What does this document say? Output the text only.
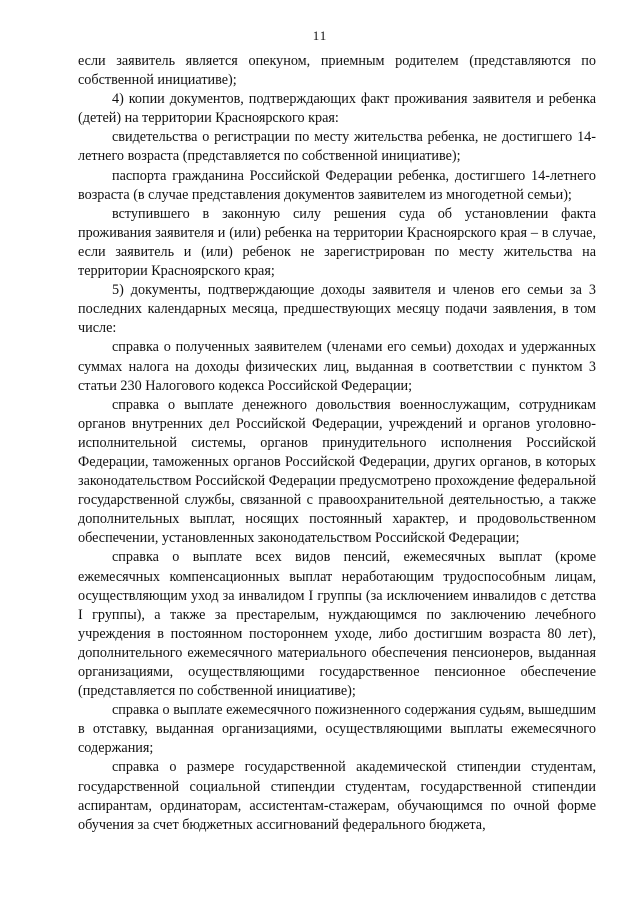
11

если заявитель является опекуном, приемным родителем (представляются по собственной инициативе);

4) копии документов, подтверждающих факт проживания заявителя и ребенка (детей) на территории Красноярского края:

свидетельства о регистрации по месту жительства ребенка, не достигшего 14-летнего возраста (представляется по собственной инициативе);

паспорта гражданина Российской Федерации ребенка, достигшего 14-летнего возраста (в случае представления документов заявителем из многодетной семьи);

вступившего в законную силу решения суда об установлении факта проживания заявителя и (или) ребенка на территории Красноярского края – в случае, если заявитель и (или) ребенок не зарегистрирован по месту жительства на территории Красноярского края;

5) документы, подтверждающие доходы заявителя и членов его семьи за 3 последних календарных месяца, предшествующих месяцу подачи заявления, в том числе:

справка о полученных заявителем (членами его семьи) доходах и удержанных суммах налога на доходы физических лиц, выданная в соответствии с пунктом 3 статьи 230 Налогового кодекса Российской Федерации;

справка о выплате денежного довольствия военнослужащим, сотрудникам органов внутренних дел Российской Федерации, учреждений и органов уголовно-исполнительной системы, органов принудительного исполнения Российской Федерации, таможенных органов Российской Федерации, других органов, в которых законодательством Российской Федерации предусмотрено прохождение федеральной государственной службы, связанной с правоохранительной деятельностью, а также дополнительных выплат, носящих постоянный характер, и продовольственном обеспечении, установленных законодательством Российской Федерации;

справка о выплате всех видов пенсий, ежемесячных выплат (кроме ежемесячных компенсационных выплат неработающим трудоспособным лицам, осуществляющим уход за инвалидом I группы (за исключением инвалидов с детства I группы), а также за престарелым, нуждающимся по заключению лечебного учреждения в постоянном постороннем уходе, либо достигшим возраста 80 лет), дополнительного ежемесячного материального обеспечения пенсионеров, выданная организациями, осуществляющими государственное пенсионное обеспечение (представляется по собственной инициативе);

справка о выплате ежемесячного пожизненного содержания судьям, вышедшим в отставку, выданная организациями, осуществляющими выплаты ежемесячного содержания;

справка о размере государственной академической стипендии студентам, государственной социальной стипендии студентам, государственной стипендии аспирантам, ординаторам, ассистентам-стажерам, обучающимся по очной форме обучения за счет бюджетных ассигнований федерального бюджета,
